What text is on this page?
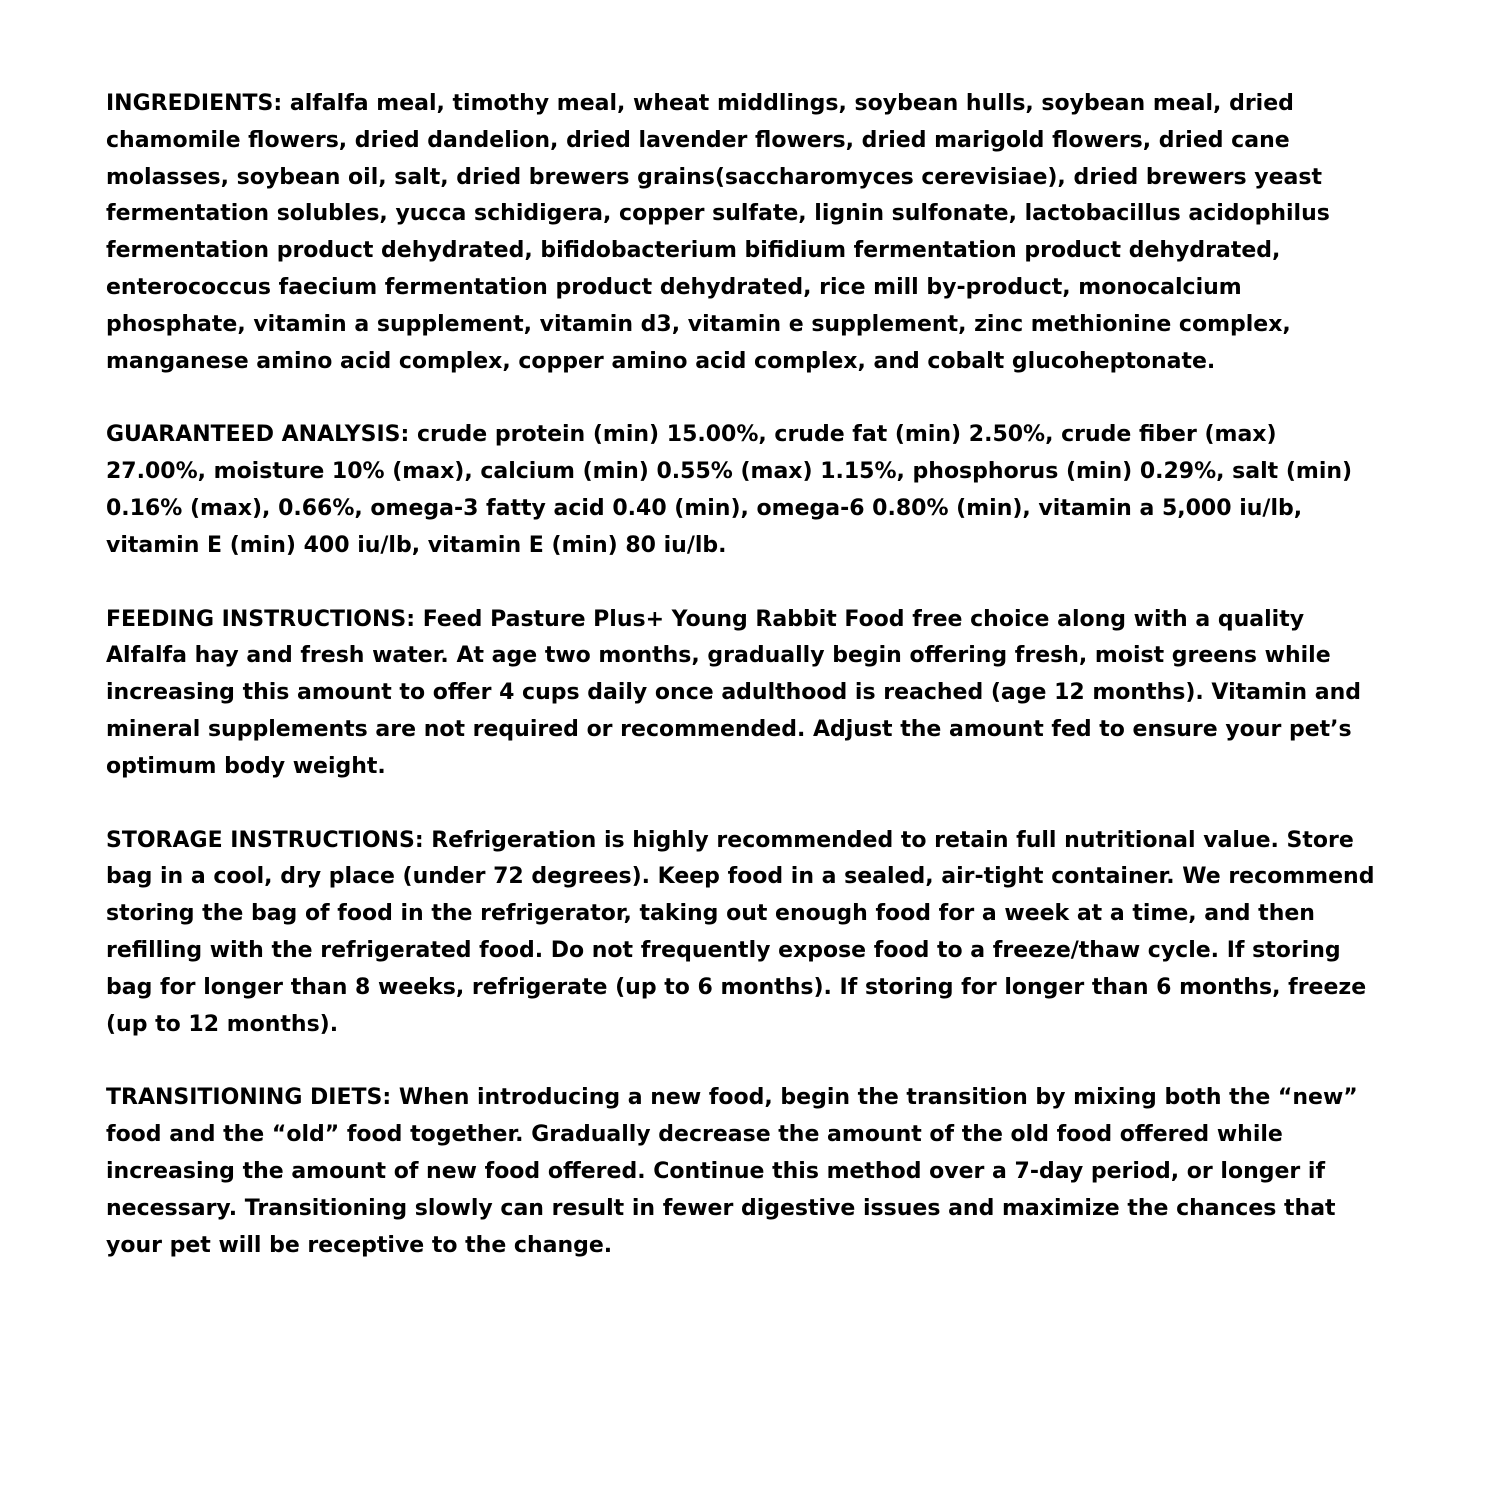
INGREDIENTS: alfalfa meal, timothy meal, wheat middlings, soybean hulls, soybean meal, dried
chamomile flowers, dried dandelion, dried lavender flowers, dried marigold flowers, dried cane
molasses, soybean oil, salt, dried brewers grains(saccharomyces cerevisiae), dried brewers yeast
fermentation solubles, yucca schidigera, copper sulfate, lignin sulfonate, lactobacillus acidophilus
fermentation product dehydrated, bifidobacterium bifidium fermentation product dehydrated,
enterococcus faecium fermentation product dehydrated, rice mill by-product, monocalcium
phosphate, vitamin a supplement, vitamin d3, vitamin e supplement, zinc methionine complex,
manganese amino acid complex, copper amino acid complex, and cobalt glucoheptonate.

GUARANTEED ANALYSIS: crude protein (min) 15.00%, crude fat (min) 2.50%, crude fiber (max)
27.00%, moisture 10% (max), calcium (min) 0.55% (max) 1.15%, phosphorus (min) 0.29%, salt (min)
0.16% (max), 0.66%, omega-3 fatty acid 0.40 (min), omega-6 0.80% (min), vitamin a 5,000 iu/lb,
vitamin E (min) 400 iu/lb, vitamin E (min) 80 iu/lb.

FEEDING INSTRUCTIONS: Feed Pasture Plus+ Young Rabbit Food free choice along with a quality
Alfalfa hay and fresh water. At age two months, gradually begin offering fresh, moist greens while
increasing this amount to offer 4 cups daily once adulthood is reached (age 12 months). Vitamin and
mineral supplements are not required or recommended. Adjust the amount fed to ensure your pet’s
optimum body weight.

STORAGE INSTRUCTIONS: Refrigeration is highly recommended to retain full nutritional value. Store
bag in a cool, dry place (under 72 degrees). Keep food in a sealed, air-tight container. We recommend
storing the bag of food in the refrigerator, taking out enough food for a week at a time, and then
refilling with the refrigerated food. Do not frequently expose food to a freeze/thaw cycle. If storing
bag for longer than 8 weeks, refrigerate (up to 6 months). If storing for longer than 6 months, freeze
(up to 12 months).

TRANSITIONING DIETS: When introducing a new food, begin the transition by mixing both the “new”
food and the “old” food together. Gradually decrease the amount of the old food offered while
increasing the amount of new food offered. Continue this method over a 7-day period, or longer if
necessary. Transitioning slowly can result in fewer digestive issues and maximize the chances that
your pet will be receptive to the change.
